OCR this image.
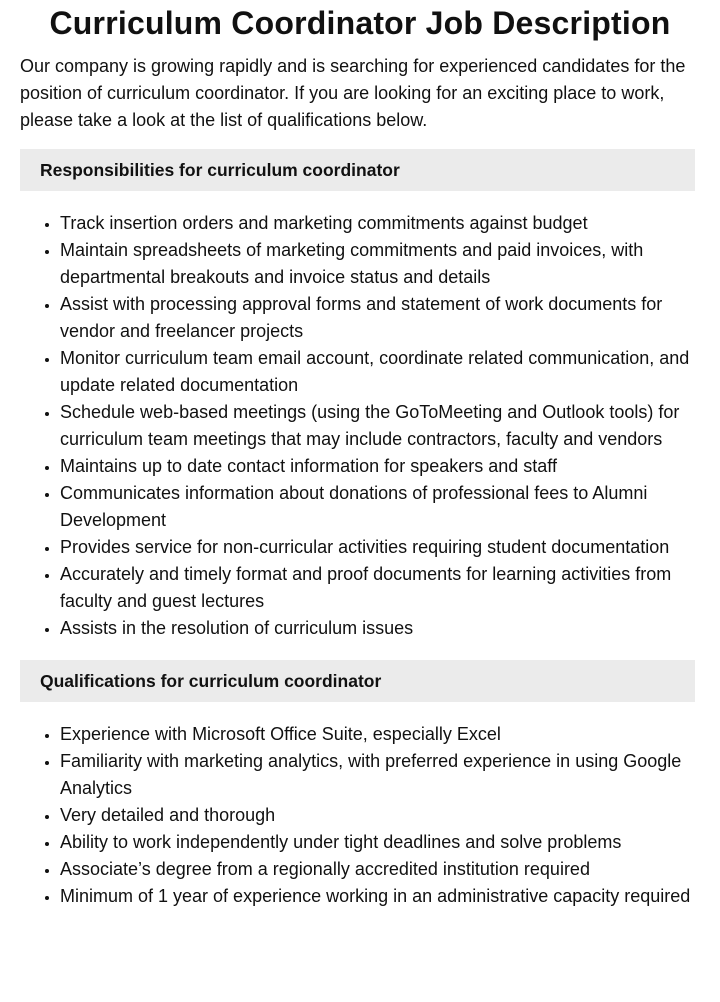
Curriculum Coordinator Job Description

Our company is growing rapidly and is searching for experienced candidates for the position of curriculum coordinator. If you are looking for an exciting place to work, please take a look at the list of qualifications below.

Responsibilities for curriculum coordinator
• Track insertion orders and marketing commitments against budget
• Maintain spreadsheets of marketing commitments and paid invoices, with departmental breakouts and invoice status and details
• Assist with processing approval forms and statement of work documents for vendor and freelancer projects
• Monitor curriculum team email account, coordinate related communication, and update related documentation
• Schedule web-based meetings (using the GoToMeeting and Outlook tools) for curriculum team meetings that may include contractors, faculty and vendors
• Maintains up to date contact information for speakers and staff
• Communicates information about donations of professional fees to Alumni Development
• Provides service for non-curricular activities requiring student documentation
• Accurately and timely format and proof documents for learning activities from faculty and guest lectures
• Assists in the resolution of curriculum issues
Qualifications for curriculum coordinator
• Experience with Microsoft Office Suite, especially Excel
• Familiarity with marketing analytics, with preferred experience in using Google Analytics
• Very detailed and thorough
• Ability to work independently under tight deadlines and solve problems
• Associate’s degree from a regionally accredited institution required
• Minimum of 1 year of experience working in an administrative capacity required
